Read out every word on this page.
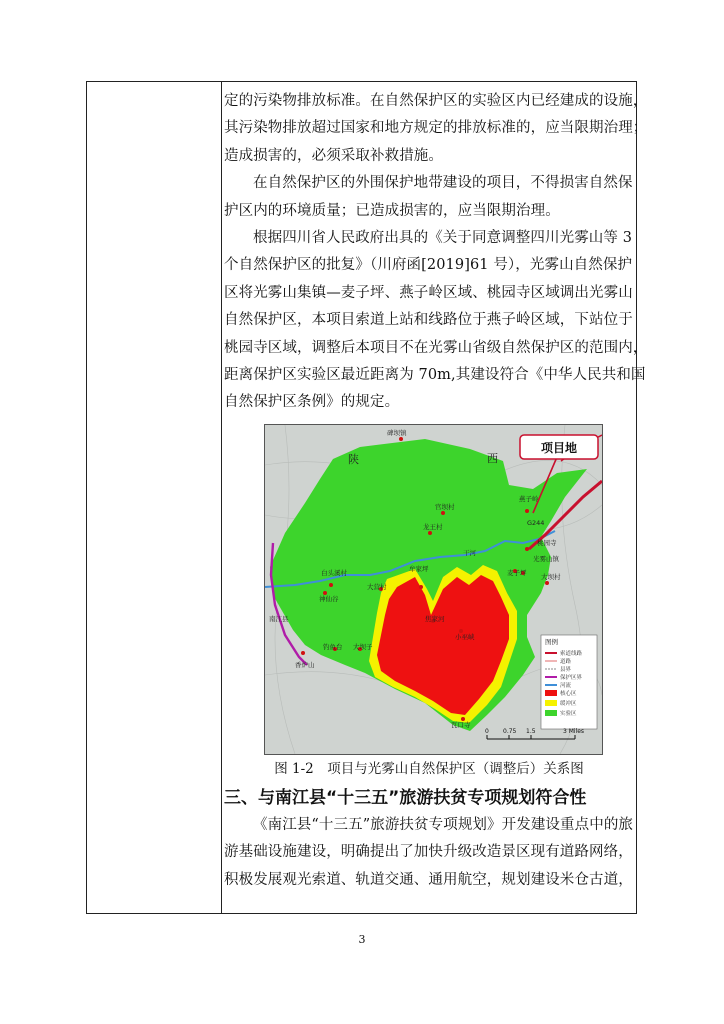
定的污染物排放标准。在自然保护区的实验区内已经建成的设施，
其污染物排放超过国家和地方规定的排放标准的，应当限期治理；
造成损害的，必须采取补救措施。
在自然保护区的外围保护地带建设的项目，不得损害自然保
护区内的环境质量；已造成损害的，应当限期治理。
根据四川省人民政府出具的《关于同意调整四川光雾山等 3
个自然保护区的批复》（川府函[2019]61 号），光雾山自然保护
区将光雾山集镇—麦子坪、燕子岭区域、桃园寺区域调出光雾山
自然保护区，本项目索道上站和线路位于燕子岭区域，下站位于
桃园寺区域，调整后本项目不在光雾山省级自然保护区的范围内，
距离保护区实验区最近距离为 70m,其建设符合《中华人民共和国
自然保护区条例》的规定。
项目地
陕	西
碑坝镇
官坝村
龙王村
燕子岭
G244
桃园寺
光雾山镇
大坝村
麦子坪
白头溪村
神仙谷
大营村
牟家坪
焦家河
小巫峡
钓鱼台
瓦口寺
大坝子
南江县
干河
香炉山
图例
索道线路
道路
县界
保护区界
河流
核心区
缓冲区
实验区
0 0.75 1.5	3 Miles
图 1-2　项目与光雾山自然保护区（调整后）关系图
三、与南江县“十三五”旅游扶贫专项规划符合性
《南江县“十三五”旅游扶贫专项规划》开发建设重点中的旅
游基础设施建设，明确提出了加快升级改造景区现有道路网络，
积极发展观光索道、轨道交通、通用航空，规划建设米仓古道，
3
